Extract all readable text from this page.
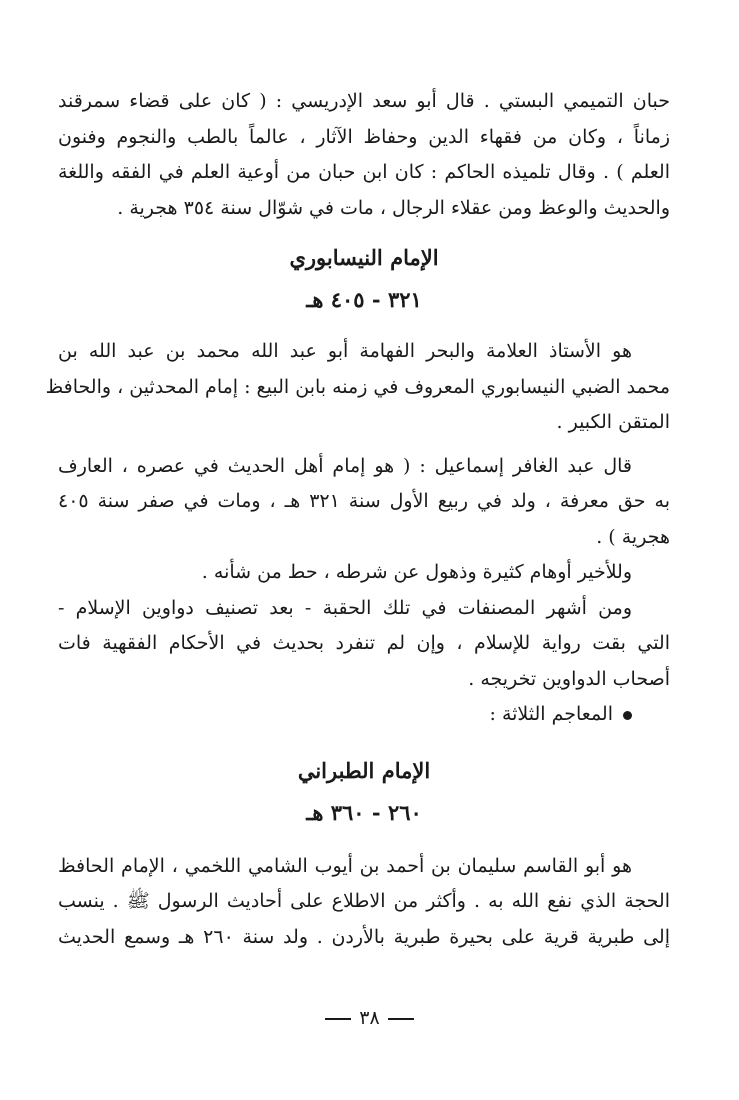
حبان التميمي البستي . قال أبو سعد الإدريسي : ( كان على قضاء سمرقند
زماناً ، وكان من فقهاء الدين وحفاظ الآثار ، عالماً بالطب والنجوم وفنون
العلم ) . وقال تلميذه الحاكم : كان ابن حبان من أوعية العلم في الفقه واللغة
والحديث والوعظ ومن عقلاء الرجال ، مات في شوّال سنة ٣٥٤ هجرية .
الإمام النيسابوري
٣٢١ - ٤٠٥ هـ
هو الأستاذ العلامة والبحر الفهامة أبو عبد الله محمد بن عبد الله بن
محمد الضبي النيسابوري المعروف في زمنه بابن البيع : إمام المحدثين ، والحافظ
المتقن الكبير .
قال عبد الغافر إسماعيل : ( هو إمام أهل الحديث في عصره ، العارف
به حق معرفة ، ولد في ربيع الأول سنة ٣٢١ هـ ، ومات في صفر سنة ٤٠٥
هجرية ) .
وللأخير أوهام كثيرة وذهول عن شرطه ، حط من شأنه .
ومن أشهر المصنفات في تلك الحقبة - بعد تصنيف دواوين الإسلام -
التي بقت رواية للإسلام ، وإن لم تنفرد بحديث في الأحكام الفقهية فات
أصحاب الدواوين تخريجه .
المعاجم الثلاثة :
الإمام الطبراني
٢٦٠ - ٣٦٠ هـ
هو أبو القاسم سليمان بن أحمد بن أيوب الشامي اللخمي ، الإمام الحافظ
الحجة الذي نفع الله به . وأكثر من الاطلاع على أحاديث الرسول ﷺ . ينسب
إلى طبرية قرية على بحيرة طبرية بالأردن . ولد سنة ٢٦٠ هـ وسمع الحديث
٣٨
